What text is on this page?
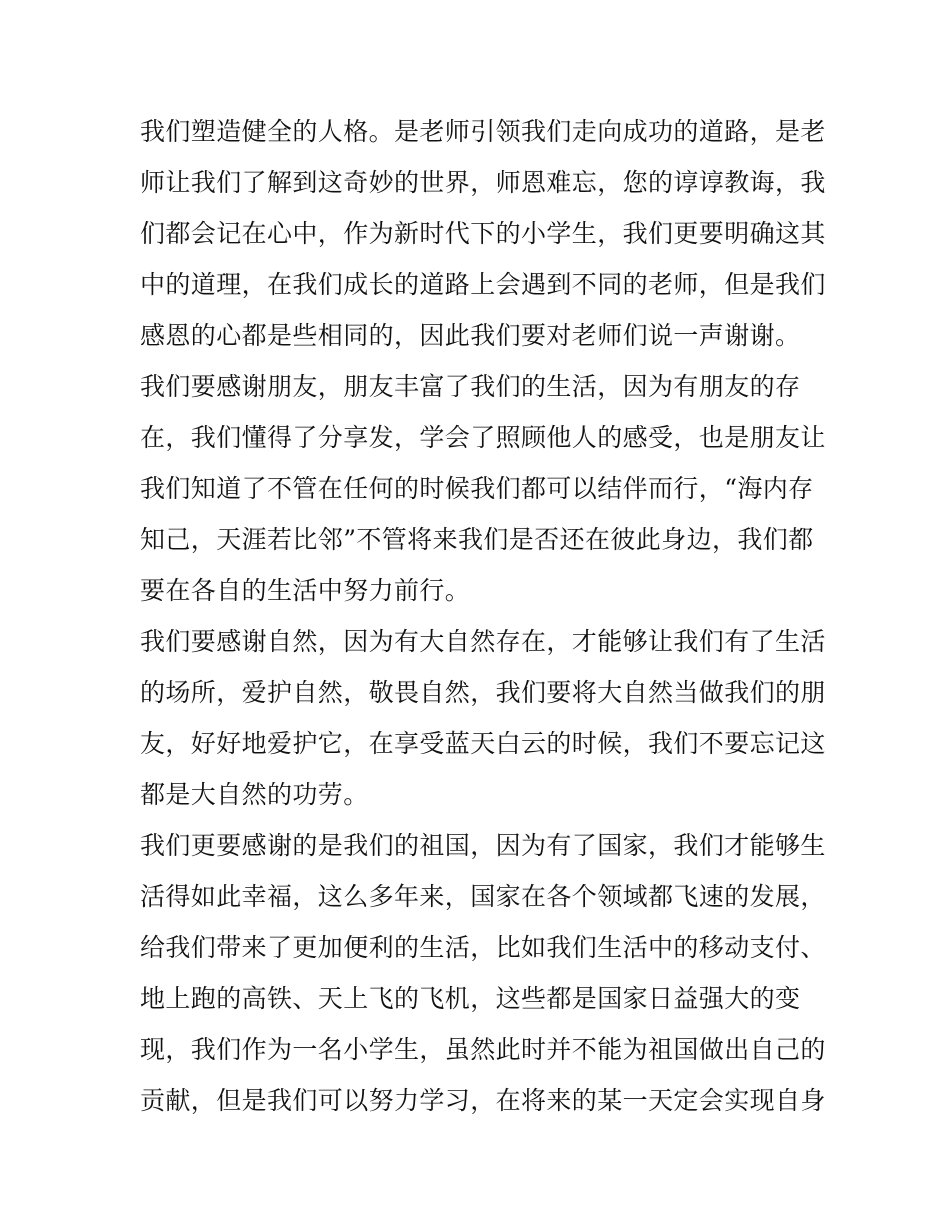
我们塑造健全的人格。是老师引领我们走向成功的道路，是老
师让我们了解到这奇妙的世界，师恩难忘，您的谆谆教诲，我
们都会记在心中，作为新时代下的小学生，我们更要明确这其
中的道理，在我们成长的道路上会遇到不同的老师，但是我们
感恩的心都是些相同的，因此我们要对老师们说一声谢谢。
我们要感谢朋友，朋友丰富了我们的生活，因为有朋友的存
在，我们懂得了分享发，学会了照顾他人的感受，也是朋友让
我们知道了不管在任何的时候我们都可以结伴而行，“海内存
知己，天涯若比邻”不管将来我们是否还在彼此身边，我们都
要在各自的生活中努力前行。
我们要感谢自然，因为有大自然存在，才能够让我们有了生活
的场所，爱护自然，敬畏自然，我们要将大自然当做我们的朋
友，好好地爱护它，在享受蓝天白云的时候，我们不要忘记这
都是大自然的功劳。
我们更要感谢的是我们的祖国，因为有了国家，我们才能够生
活得如此幸福，这么多年来，国家在各个领域都飞速的发展，
给我们带来了更加便利的生活，比如我们生活中的移动支付、
地上跑的高铁、天上飞的飞机，这些都是国家日益强大的变
现，我们作为一名小学生，虽然此时并不能为祖国做出自己的
贡献，但是我们可以努力学习，在将来的某一天定会实现自身
